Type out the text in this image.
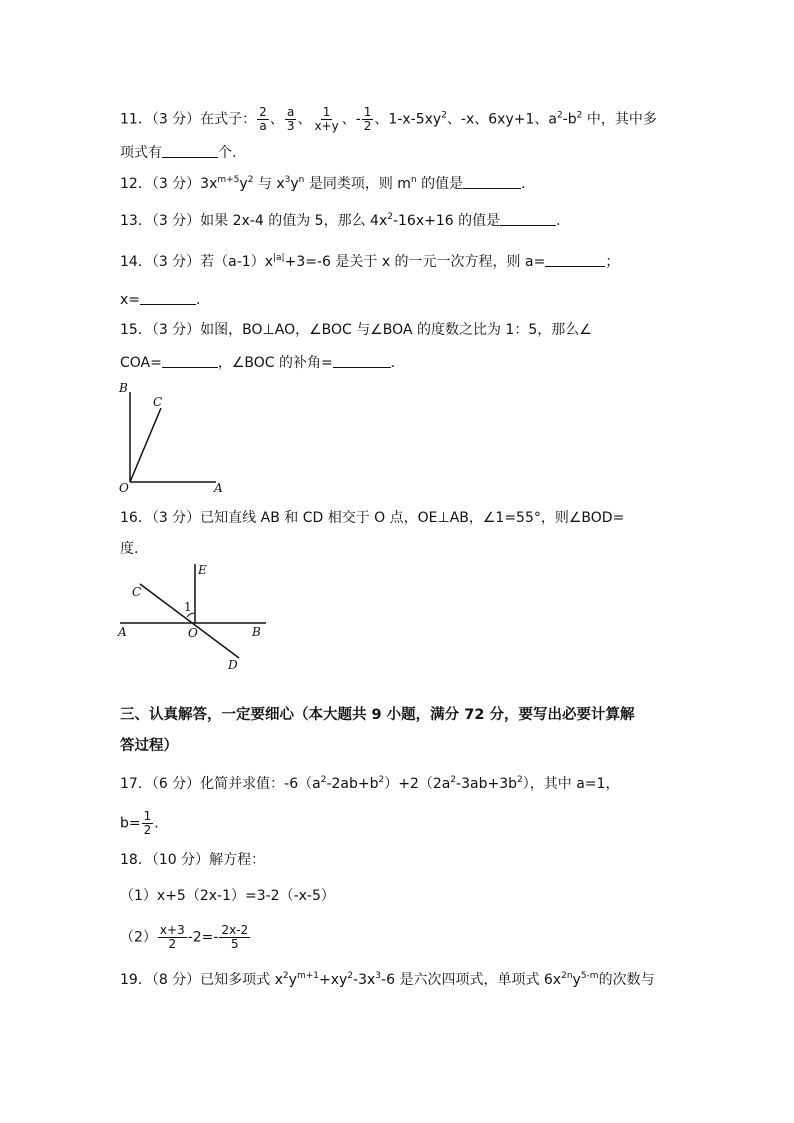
11．（3 分）在式子： $\frac{2}{a}$ 、 $\frac{a}{3}$ 、 $\frac{1}{x+y}$ 、- $\frac{1}{2}$ 、$1-x-5xy^2$、-x、6xy+1、$a^2-b^2$ 中，其中多
项式有	个.
12．（3 分）$3x^{m+5}y^2$ 与 $x^3y^n$ 是同类项，则 $m^n$ 的值是	.
13．（3 分）如果 2x-4 的值为 5，那么 $4x^2-16x+16$ 的值是	.
14．（3 分）若$(a-1)x^{|a|}+3=-6$ 是关于 x 的一元一次方程，则 a=	；
x=	.
15．（3 分）如图，BO⊥AO，∠BOC 与∠BOA 的度数之比为 1：5，那么∠
COA=	，∠BOC 的补角=	.
B
C
O	A
16．（3 分）已知直线 AB 和 CD 相交于 O 点，OE⊥AB，∠1=55°，则∠BOD=
度.
E
C
1
A	O	B
D
三、认真解答，一定要细心（本大题共 9 小题，满分 72 分，要写出必要计算解
答过程）
17．（6 分）化简并求值：$-6(a^2-2ab+b^2)+2(2a^2-3ab+3b^2)$，其中 a=1，
$b= \frac{1}{2}$ .
18．（10 分）解方程：
（1）x+5（2x-1）=3-2（-x-5）
$(2) \frac{x+3}{2} -2=- \frac{2x-2}{5}$
19．（8 分）已知多项式 $x^2y^{m+1}+xy^2-3x^3-6$ 是六次四项式，单项式 $6x^{2n}y^{5-m}$的次数与
